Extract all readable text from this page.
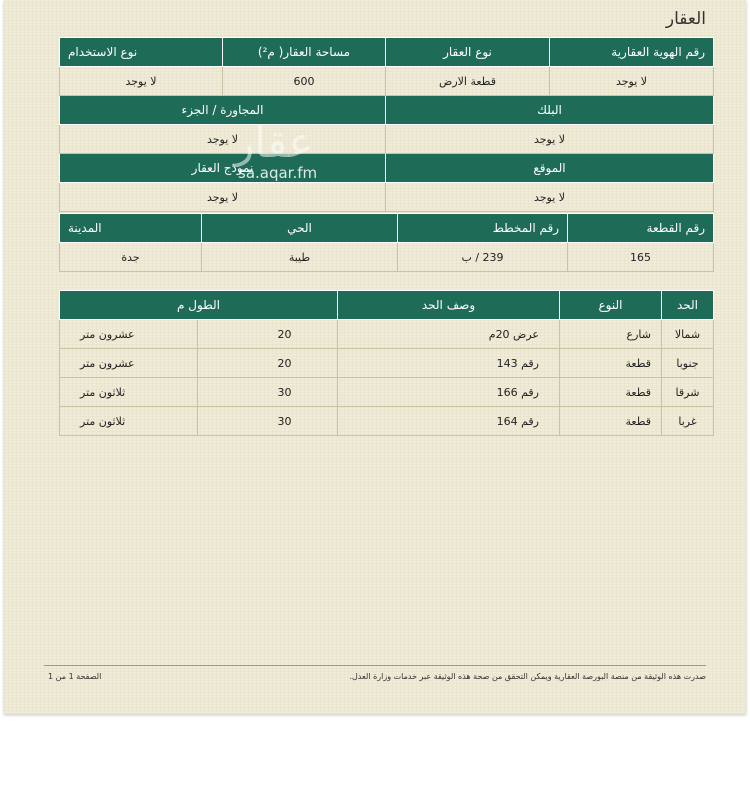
العقار
رقم الهوية العقارية	نوع العقار	مساحة العقار( م²)	نوع الاستخدام
لا يوجد	قطعة الارض	600	لا يوجد
البلك		المجاورة / الجزء	
لا يوجد		لا يوجد	
الموقع		نموذج العقار	
لا يوجد		لا يوجد	
رقم القطعة	رقم المخطط	الحي	المدينة
165	239 / ب	طيبة	جدة
الحد	النوع	وصف الحد	الطول م	
شمالا	شارع	عرض 20م	20	عشرون متر
جنوبا	قطعة	رقم 143	20	عشرون متر
شرقا	قطعة	رقم 166	30	ثلاثون متر
غربا	قطعة	رقم 164	30	ثلاثون متر
عقار
sa.aqar.fm
صدرت هذه الوثيقة من منصة البورصة العقارية ويمكن التحقق من صحة هذه الوثيقة عبر خدمات وزارة العدل.
الصفحة 1 من 1
